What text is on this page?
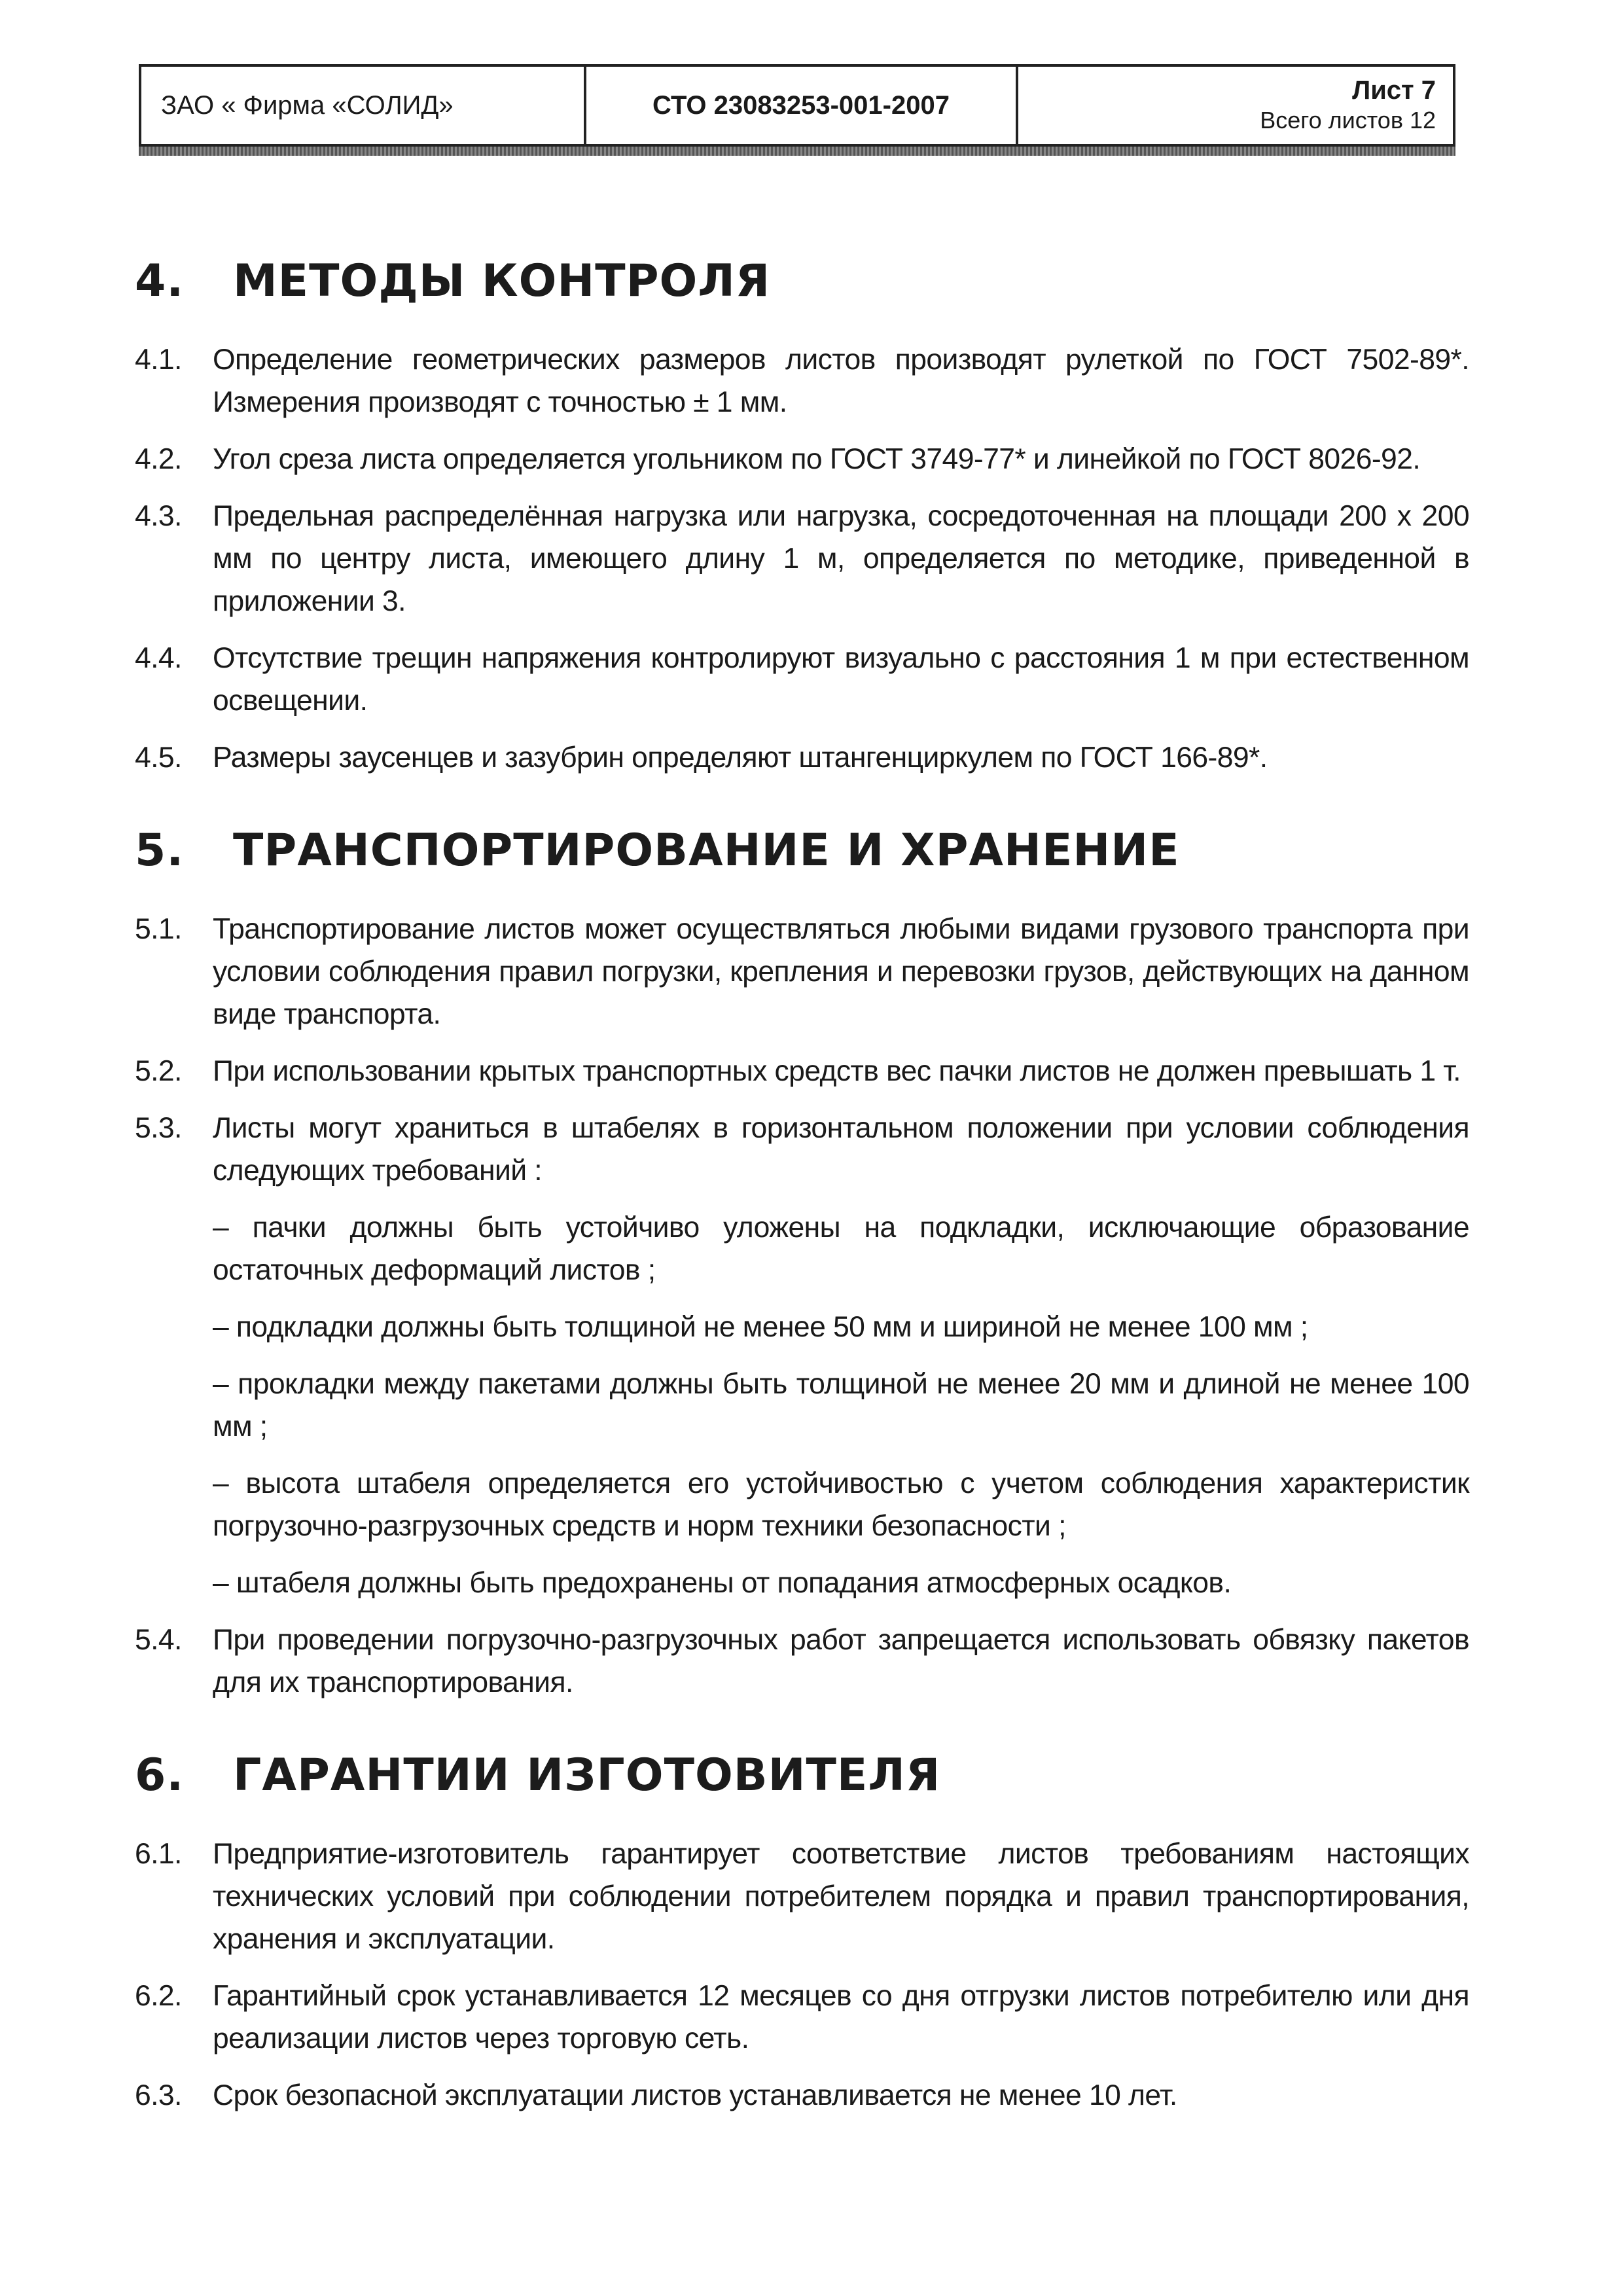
ЗАО « Фирма «СОЛИД»	СТО 23083253-001-2007
Лист 7
Всего листов 12
4.	МЕТОДЫ КОНТРОЛЯ
4.1.	Определение геометрических размеров листов производят рулеткой по ГОСТ 7502-89*. Измерения производят с точностью ± 1 мм.
4.2.	Угол среза листа определяется угольником по ГОСТ 3749-77* и линейкой по ГОСТ 8026-92.
4.3.	Предельная распределённая нагрузка или нагрузка, сосредоточенная на площади 200 х 200 мм по центру листа, имеющего длину 1 м, определяется по методике, приведенной в приложении 3.
4.4.	Отсутствие трещин напряжения контролируют визуально с расстояния 1 м при естественном освещении.
4.5.	Размеры заусенцев и зазубрин определяют штангенциркулем по ГОСТ 166-89*.
5.	ТРАНСПОРТИРОВАНИЕ И ХРАНЕНИЕ
5.1.	Транспортирование листов может осуществляться любыми видами грузового транспорта при условии соблюдения правил погрузки, крепления и перевозки грузов, действующих на данном виде транспорта.
5.2.	При использовании крытых транспортных средств вес пачки листов не должен превышать 1 т.
5.3.	Листы могут храниться в штабелях в горизонтальном положении при условии соблюдения следующих требований :
– пачки должны быть устойчиво уложены на подкладки, исключающие образование остаточных деформаций листов ;
– подкладки должны быть толщиной не менее 50 мм и шириной не менее 100 мм ;
– прокладки между пакетами должны быть толщиной не менее 20 мм и длиной не менее 100 мм ;
– высота штабеля определяется его устойчивостью с учетом соблюдения характеристик погрузочно-разгрузочных средств и норм техники безопасности ;
– штабеля должны быть предохранены от попадания атмосферных осадков.
5.4.	При проведении погрузочно-разгрузочных работ запрещается использовать обвязку пакетов для их транспортирования.
6.	ГАРАНТИИ ИЗГОТОВИТЕЛЯ
6.1.	Предприятие-изготовитель гарантирует соответствие листов требованиям настоящих технических условий при соблюдении потребителем порядка и правил транспортирования, хранения и эксплуатации.
6.2.	Гарантийный срок устанавливается 12 месяцев со дня отгрузки листов потребителю или дня реализации листов через торговую сеть.
6.3.	Срок безопасной эксплуатации листов устанавливается не менее 10 лет.
